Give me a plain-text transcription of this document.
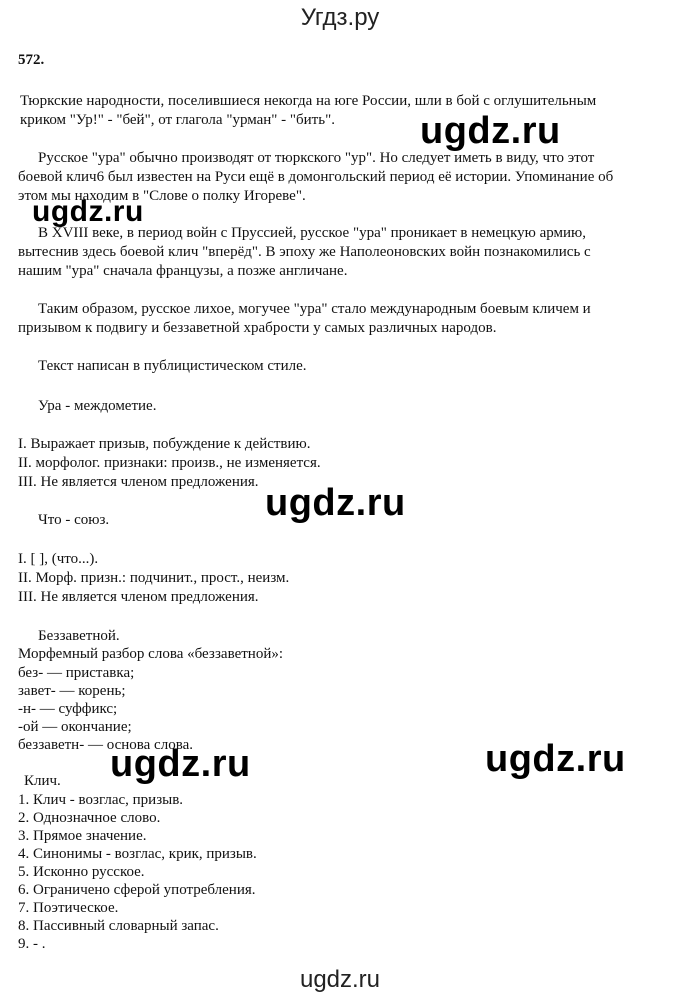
Угдз.ру
572.
Тюркские народности, поселившиеся некогда на юге России, шли в бой с оглушительным
криком "Ур!" - "бей", от глагола "урман" - "бить".
Русское "ура" обычно производят от тюркского "ур". Но следует иметь в виду, что этот
боевой клич6 был известен на Руси ещё в домонгольский период её истории. Упоминание об
этом мы находим в "Слове о полку Игореве".
В XVIII веке, в период войн с Пруссией, русское "ура" проникает в немецкую армию,
вытеснив здесь боевой клич "вперёд". В эпоху же Наполеоновских войн познакомились с
нашим "ура" сначала французы, а позже англичане.
Таким образом, русское лихое, могучее "ура" стало международным боевым кличем и
призывом к подвигу и беззаветной храбрости у самых различных народов.
Текст написан в публицистическом стиле.
Ура - междометие.
I. Выражает призыв, побуждение к действию.
II. морфолог. признаки: произв., не изменяется.
III. Не является членом предложения.
Что - союз.
I. [ ], (что...).
II. Морф. призн.: подчинит., прост., неизм.
III. Не является членом предложения.
Беззаветной.
Морфемный разбор слова «беззаветной»:
без- — приставка;
завет- — корень;
-н- — суффикс;
-ой — окончание;
беззаветн- — основа слова.
Клич.
1. Клич - возглас, призыв.
2. Однозначное слово.
3. Прямое значение.
4. Синонимы - возглас, крик, призыв.
5. Исконно русское.
6. Ограничено сферой употребления.
7. Поэтическое.
8. Пассивный словарный запас.
9. - .
ugdz.ru
ugdz.ru
ugdz.ru
ugdz.ru	ugdz.ru
ugdz.ru
